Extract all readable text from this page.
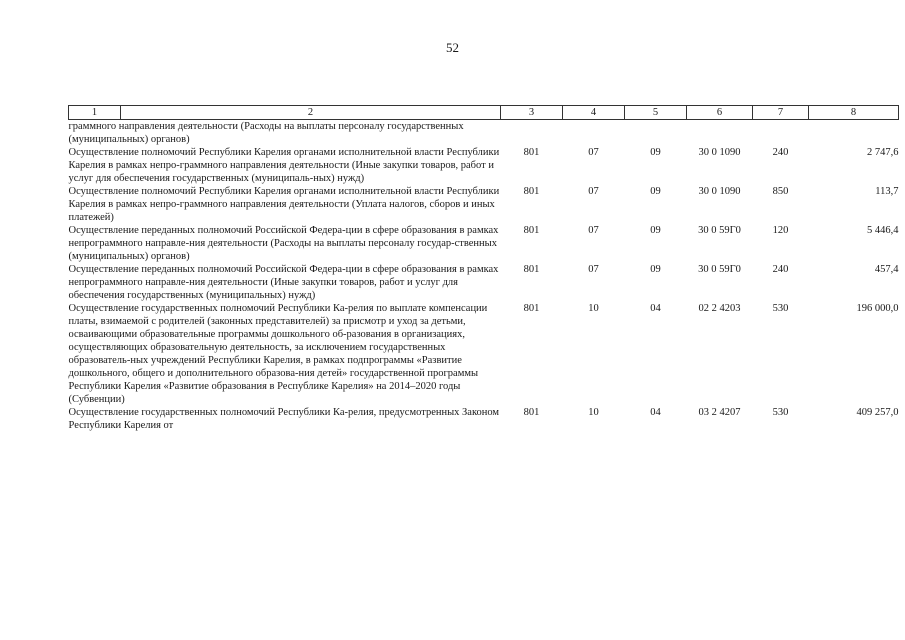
52
1	2	3	4	5	6	7	8
граммного направления деятельности (Расходы на выплаты персоналу государственных (муниципальных) органов)							
Осуществление полномочий Республики Карелия органами исполнительной власти Республики Карелия в рамках непро-граммного направления деятельности (Иные закупки товаров, работ и услуг для обеспечения государственных (муниципаль-ных) нужд)		801	07	09	30 0 1090	240	2 747,6
Осуществление полномочий Республики Карелия органами исполнительной власти Республики Карелия в рамках непро-граммного направления деятельности (Уплата налогов, сборов и иных платежей)		801	07	09	30 0 1090	850	113,7
Осуществление переданных полномочий Российской Федера-ции в сфере образования в рамках непрограммного направле-ния деятельности (Расходы на выплаты персоналу государ-ственных (муниципальных) органов)		801	07	09	30 0 59Г0	120	5 446,4
Осуществление переданных полномочий Российской Федера-ции в сфере образования в рамках непрограммного направле-ния деятельности (Иные закупки товаров, работ и услуг для обеспечения государственных (муниципальных) нужд)		801	07	09	30 0 59Г0	240	457,4
Осуществление государственных полномочий Республики Ка-релия по выплате компенсации платы, взимаемой с родителей (законных представителей) за присмотр и уход за детьми, осваивающими образовательные программы дошкольного об-разования в организациях, осуществляющих образовательную деятельность, за исключением государственных образователь-ных учреждений Республики Карелия, в рамках подпрограммы «Развитие дошкольного, общего и дополнительного образова-ния детей» государственной программы Республики Карелия «Развитие образования в Республике Карелия» на 2014–2020 годы (Субвенции)		801	10	04	02 2 4203	530	196 000,0
Осуществление государственных полномочий Республики Ка-релия, предусмотренных Законом Республики Карелия от		801	10	04	03 2 4207	530	409 257,0
